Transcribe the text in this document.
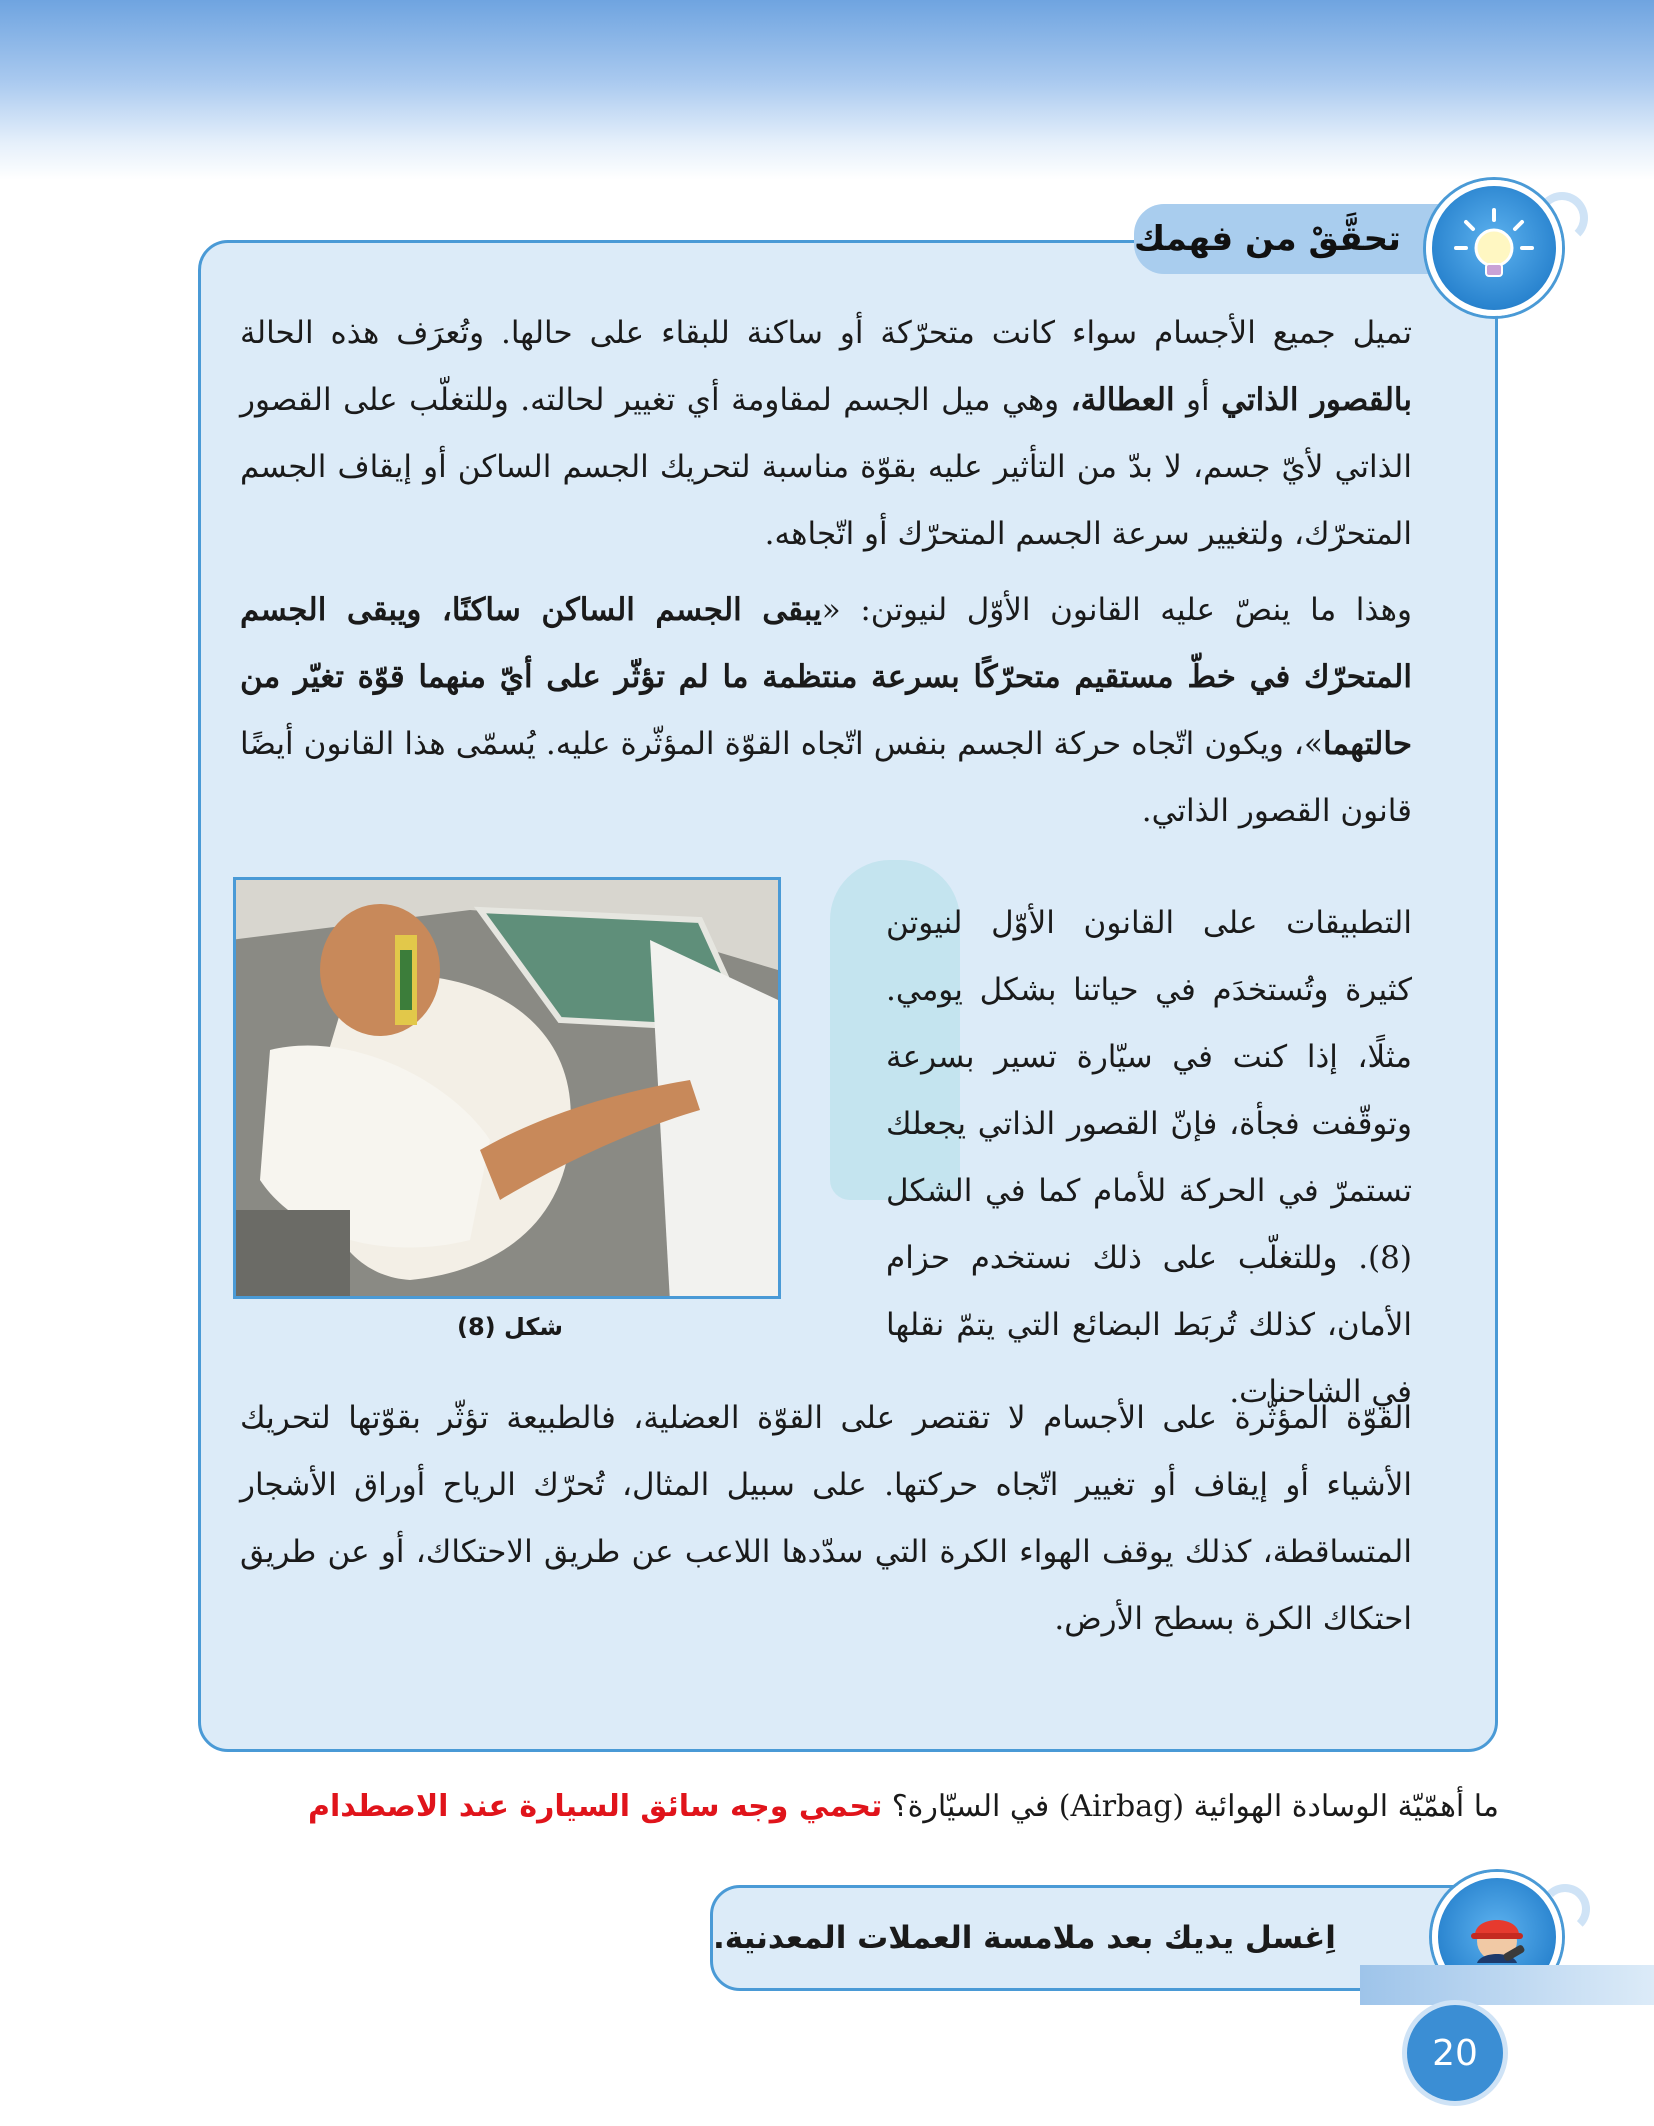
تحقَّقْ من فهمك
تميل جميع الأجسام سواء كانت متحرّكة أو ساكنة للبقاء على حالها. وتُعرَف هذه الحالة بالقصور الذاتي أو العطالة، وهي ميل الجسم لمقاومة أي تغيير لحالته. وللتغلّب على القصور الذاتي لأيّ جسم، لا بدّ من التأثير عليه بقوّة مناسبة لتحريك الجسم الساكن أو إيقاف الجسم المتحرّك، ولتغيير سرعة الجسم المتحرّك أو اتّجاهه.
وهذا ما ينصّ عليه القانون الأوّل لنيوتن: «يبقى الجسم الساكن ساكنًا، ويبقى الجسم المتحرّك في خطّ مستقيم متحرّكًا بسرعة منتظمة ما لم تؤثّر على أيّ منهما قوّة تغيّر من حالتهما»، ويكون اتّجاه حركة الجسم بنفس اتّجاه القوّة المؤثّرة عليه. يُسمّى هذا القانون أيضًا قانون القصور الذاتي.
شكل (8)
التطبيقات على القانون الأوّل لنيوتن كثيرة وتُستخدَم في حياتنا بشكل يومي. مثلًا، إذا كنت في سيّارة تسير بسرعة وتوقّفت فجأة، فإنّ القصور الذاتي يجعلك تستمرّ في الحركة للأمام كما في الشكل (8). وللتغلّب على ذلك نستخدم حزام الأمان، كذلك تُربَط البضائع التي يتمّ نقلها في الشاحنات.
القوّة المؤثّرة على الأجسام لا تقتصر على القوّة العضلية، فالطبيعة تؤثّر بقوّتها لتحريك الأشياء أو إيقاف أو تغيير اتّجاه حركتها. على سبيل المثال، تُحرّك الرياح أوراق الأشجار المتساقطة، كذلك يوقف الهواء الكرة التي سدّدها اللاعب عن طريق الاحتكاك، أو عن طريق احتكاك الكرة بسطح الأرض.
ما أهمّيّة الوسادة الهوائية (Airbag) في السيّارة؟ تحمي وجه سائق السيارة عند الاصطدام
اِغسل يديك بعد ملامسة العملات المعدنية.
20
